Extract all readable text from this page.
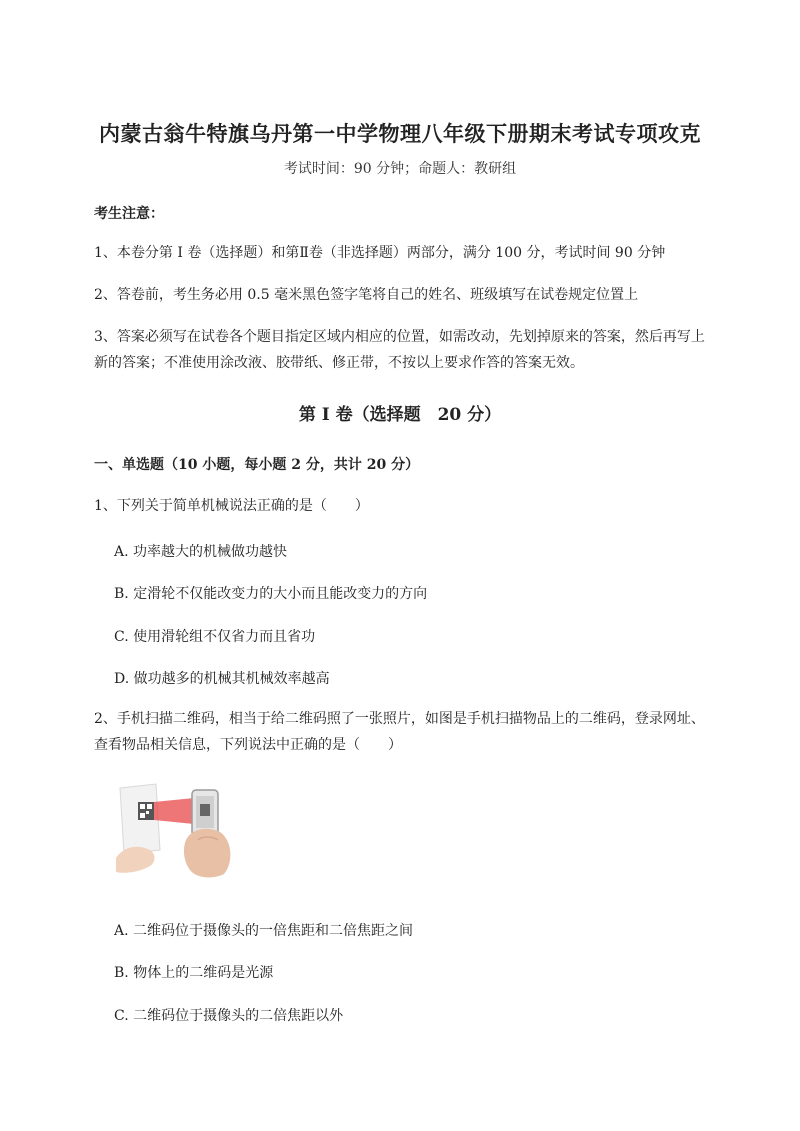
内蒙古翁牛特旗乌丹第一中学物理八年级下册期末考试专项攻克
考试时间：90 分钟；命题人：教研组
考生注意：
1、本卷分第 I 卷（选择题）和第Ⅱ卷（非选择题）两部分，满分 100 分，考试时间 90 分钟
2、答卷前，考生务必用 0.5 毫米黑色签字笔将自己的姓名、班级填写在试卷规定位置上
3、答案必须写在试卷各个题目指定区域内相应的位置，如需改动，先划掉原来的答案，然后再写上新的答案；不准使用涂改液、胶带纸、修正带，不按以上要求作答的答案无效。
第 I 卷（选择题　20 分）
一、单选题（10 小题，每小题 2 分，共计 20 分）
1、下列关于简单机械说法正确的是（　　）
A. 功率越大的机械做功越快
B. 定滑轮不仅能改变力的大小而且能改变力的方向
C. 使用滑轮组不仅省力而且省功
D. 做功越多的机械其机械效率越高
2、手机扫描二维码，相当于给二维码照了一张照片，如图是手机扫描物品上的二维码，登录网址、查看物品相关信息，下列说法中正确的是（　　）
A. 二维码位于摄像头的一倍焦距和二倍焦距之间
B. 物体上的二维码是光源
C. 二维码位于摄像头的二倍焦距以外
